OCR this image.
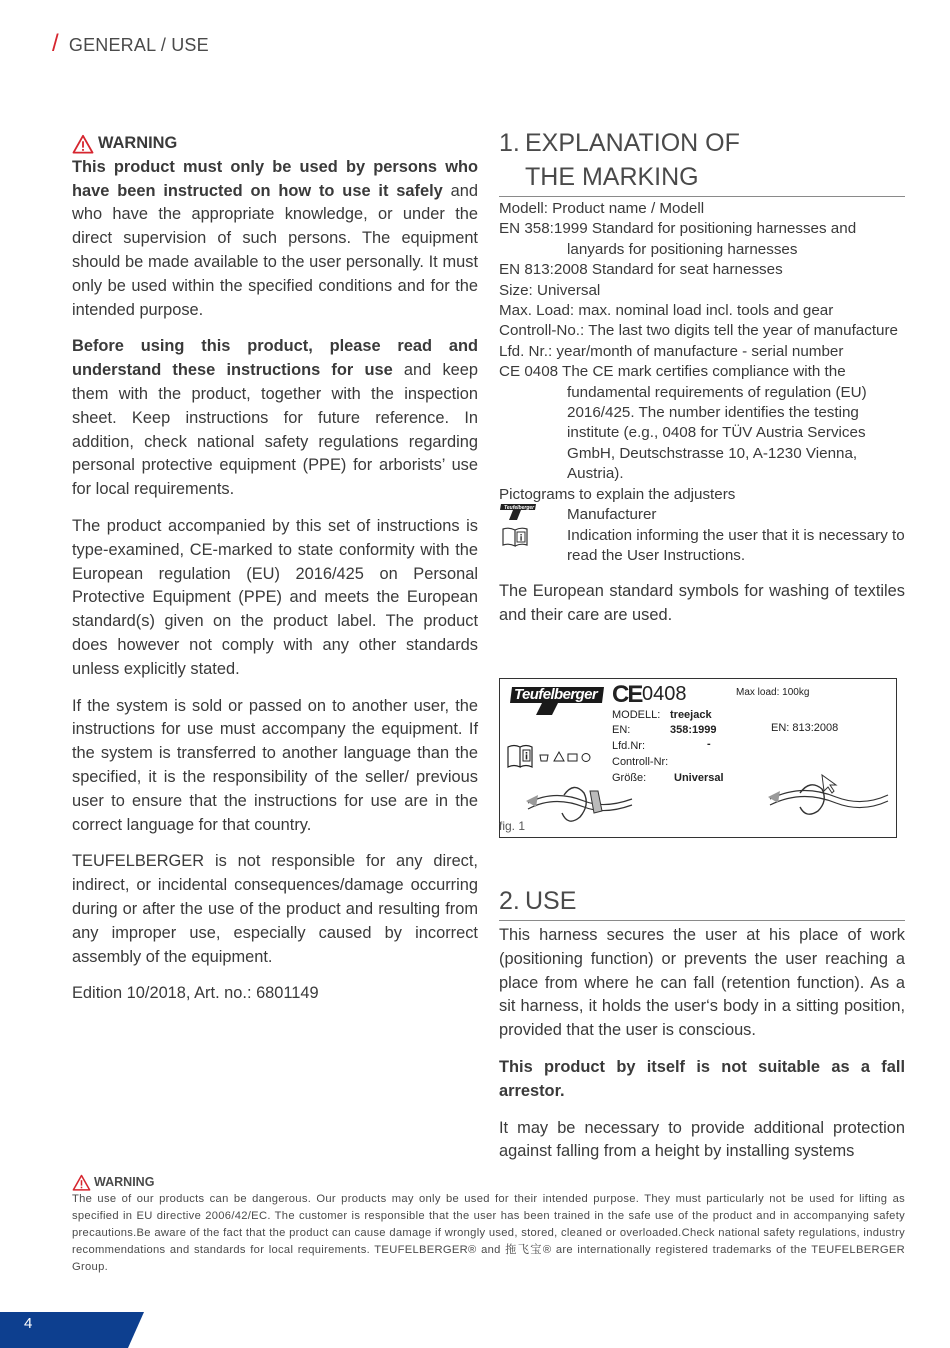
/ GENERAL / USE
WARNING

This product must only be used by persons who have been instructed on how to use it safely and who have the appropriate knowledge, or under the direct supervision of such persons. The equipment should be made available to the user personally. It must only be used within the specified conditions and for the intended purpose.

Before using this product, please read and understand these instructions for use and keep them with the product, together with the inspection sheet. Keep instructions for future reference. In addition, check national safety regulations regarding personal protective equipment (PPE) for arborists’ use for local requirements.

The product accompanied by this set of instructions is type-examined, CE-marked to state conformity with the European regulation (EU) 2016/425 on Personal Protective Equipment (PPE) and meets the European standard(s) given on the product label. The product does however not comply with any other standards unless explicitly stated.

If the system is sold or passed on to another user, the instructions for use must accompany the equipment. If the system is transferred to another language than the specified, it is the responsibility of the seller/ previous user to ensure that the instructions for use are in the correct language for that country.

TEUFELBERGER is not responsible for any direct, indirect, or incidental consequences/damage occurring during or after the use of the product and resulting from any improper use, especially caused by incorrect assembly of the equipment.

Edition 10/2018, Art. no.: 6801149

1. EXPLANATION OF
THE MARKING

Modell: Product name / Modell

EN 358:1999 Standard for positioning harnesses and lanyards for positioning harnesses

EN 813:2008 Standard for seat harnesses

Size: Universal

Max. Load: max. nominal load incl. tools and gear

Controll-No.: The last two digits tell the year of manufacture

Lfd. Nr.: year/month of manufacture - serial number

CE 0408 The CE mark certifies compliance with the fundamental requirements of regulation (EU) 2016/425. The number identifies the testing institute (e.g., 0408 for TÜV Austria Services GmbH, Deutschstrasse 10, A-1230 Vienna, Austria).

Pictograms to explain the adjusters

Teufelberger Manufacturer
Indication informing the user that it is necessary to read the User Instructions.

The European standard symbols for washing of textiles and their care are used.

Teufelberger CE 0408	Max load: 100kg
MODELL: treejack
EN:	358:1999	EN: 813:2008
Lfd.Nr:	-
Controll-Nr:
Größe:	Universal
fig. 1
2. USE

This harness secures the user at his place of work (positioning function) or prevents the user reaching a place from where he can fall (retention function). As a sit harness, it holds the user‘s body in a sitting position, provided that the user is conscious.

This product by itself is not suitable as a fall arrestor.

It may be necessary to provide additional protection against falling from a height by installing systems

WARNING

The use of our products can be dangerous. Our products may only be used for their intended purpose. They must particularly not be used for lifting as specified in EU directive 2006/42/EC. The customer is responsible that the user has been trained in the safe use of the product and in accompanying safety precautions.Be aware of the fact that the product can cause damage if wrongly used, stored, cleaned or overloaded.Check national safety regulations, industry recommendations and standards for local requirements. TEUFELBERGER® and 拖飞宝® are internationally registered trademarks of the TEUFELBERGER Group.

4
